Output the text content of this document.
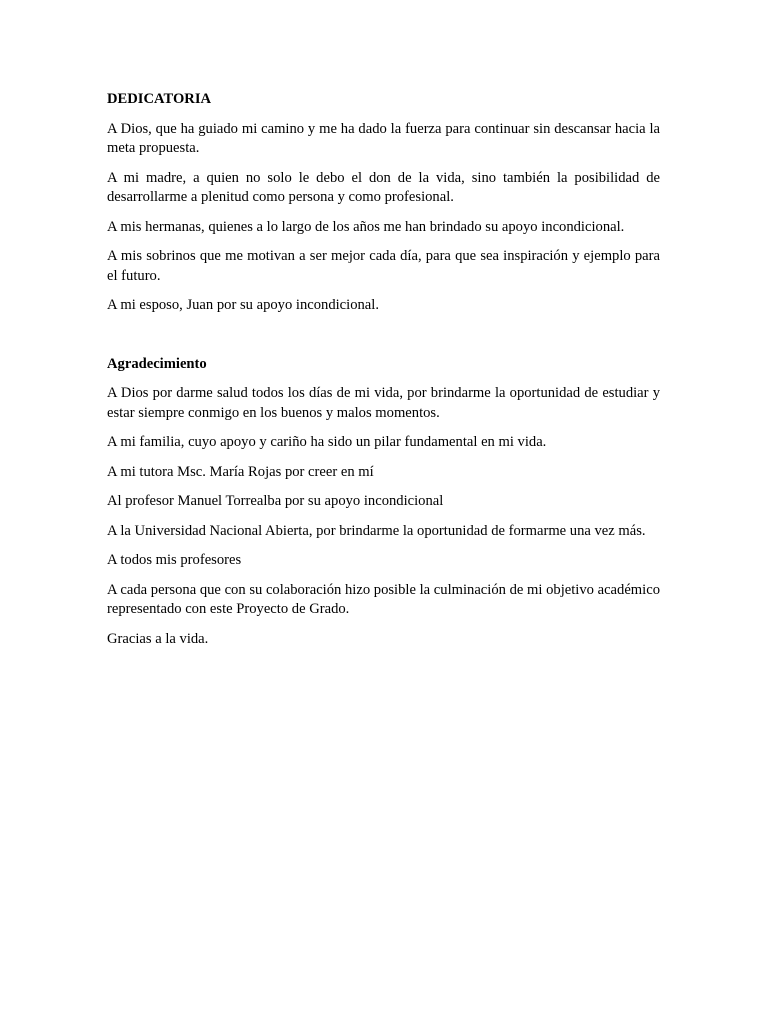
DEDICATORIA

A Dios, que ha guiado mi camino y me ha dado la fuerza para continuar sin descansar hacia la meta propuesta.

A mi madre, a quien no solo le debo el don de la vida, sino también la posibilidad de desarrollarme a plenitud como persona y como profesional.

A mis hermanas, quienes a lo largo de los años me han brindado su apoyo incondicional.

A mis sobrinos que me motivan a ser mejor cada día, para que sea inspiración y ejemplo para el futuro.

A mi esposo, Juan por su apoyo incondicional.

Agradecimiento

A Dios por darme salud todos los días de mi vida, por brindarme la oportunidad de estudiar y estar siempre conmigo en los buenos y malos momentos.

A mi familia, cuyo apoyo y cariño ha sido un pilar fundamental en mi vida.

A mi tutora Msc. María Rojas por creer en mí

Al profesor Manuel Torrealba por su apoyo incondicional

A la Universidad Nacional Abierta, por brindarme la oportunidad de formarme una vez más.

A todos mis profesores

A cada persona que con su colaboración hizo posible la culminación de mi objetivo académico representado con este Proyecto de Grado.

Gracias a la vida.
